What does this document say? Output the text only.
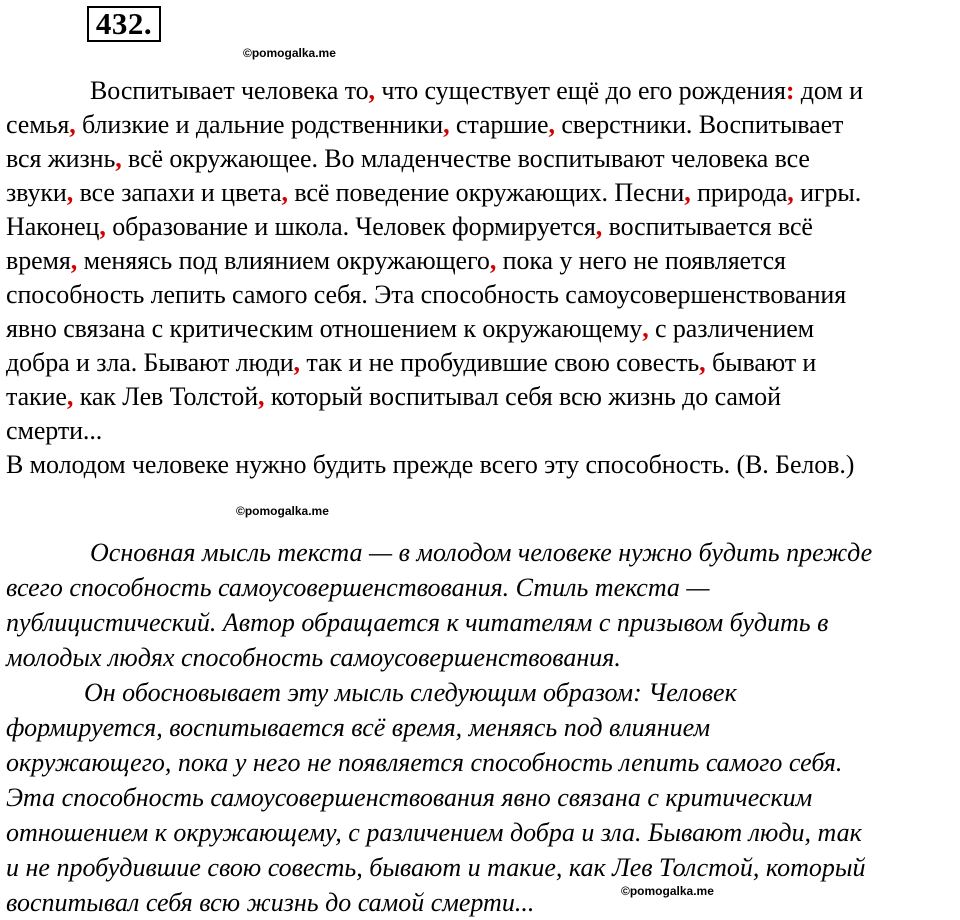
432.
©pomogalka.me
Воспитывает человека то, что существует ещё до его рождения: дом и
семья, близкие и дальние родственники, старшие, сверстники. Воспитывает
вся жизнь, всё окружающее. Во младенчестве воспитывают человека все
звуки, все запахи и цвета, всё поведение окружающих. Песни, природа, игры.
Наконец, образование и школа. Человек формируется, воспитывается всё
время, меняясь под влиянием окружающего, пока у него не появляется
способность лепить самого себя. Эта способность самоусовершенствования
явно связана с критическим отношением к окружающему, с различением
добра и зла. Бывают люди, так и не пробудившие свою совесть, бывают и
такие, как Лев Толстой, который воспитывал себя всю жизнь до самой
смерти...
В молодом человеке нужно будить прежде всего эту способность. (В. Белов.)
©pomogalka.me
Основная мысль текста — в молодом человеке нужно будить прежде
всего способность самоусовершенствования. Стиль текста —
публицистический. Автор обращается к читателям с призывом будить в
молодых людях способность самоусовершенствования.
Он обосновывает эту мысль следующим образом: Человек
формируется, воспитывается всё время, меняясь под влиянием
окружающего, пока у него не появляется способность лепить самого себя.
Эта способность самоусовершенствования явно связана с критическим
отношением к окружающему, с различением добра и зла. Бывают люди, так
и не пробудившие свою совесть, бывают и такие, как Лев Толстой, который
воспитывал себя всю жизнь до самой смерти...	©pomogalka.me
